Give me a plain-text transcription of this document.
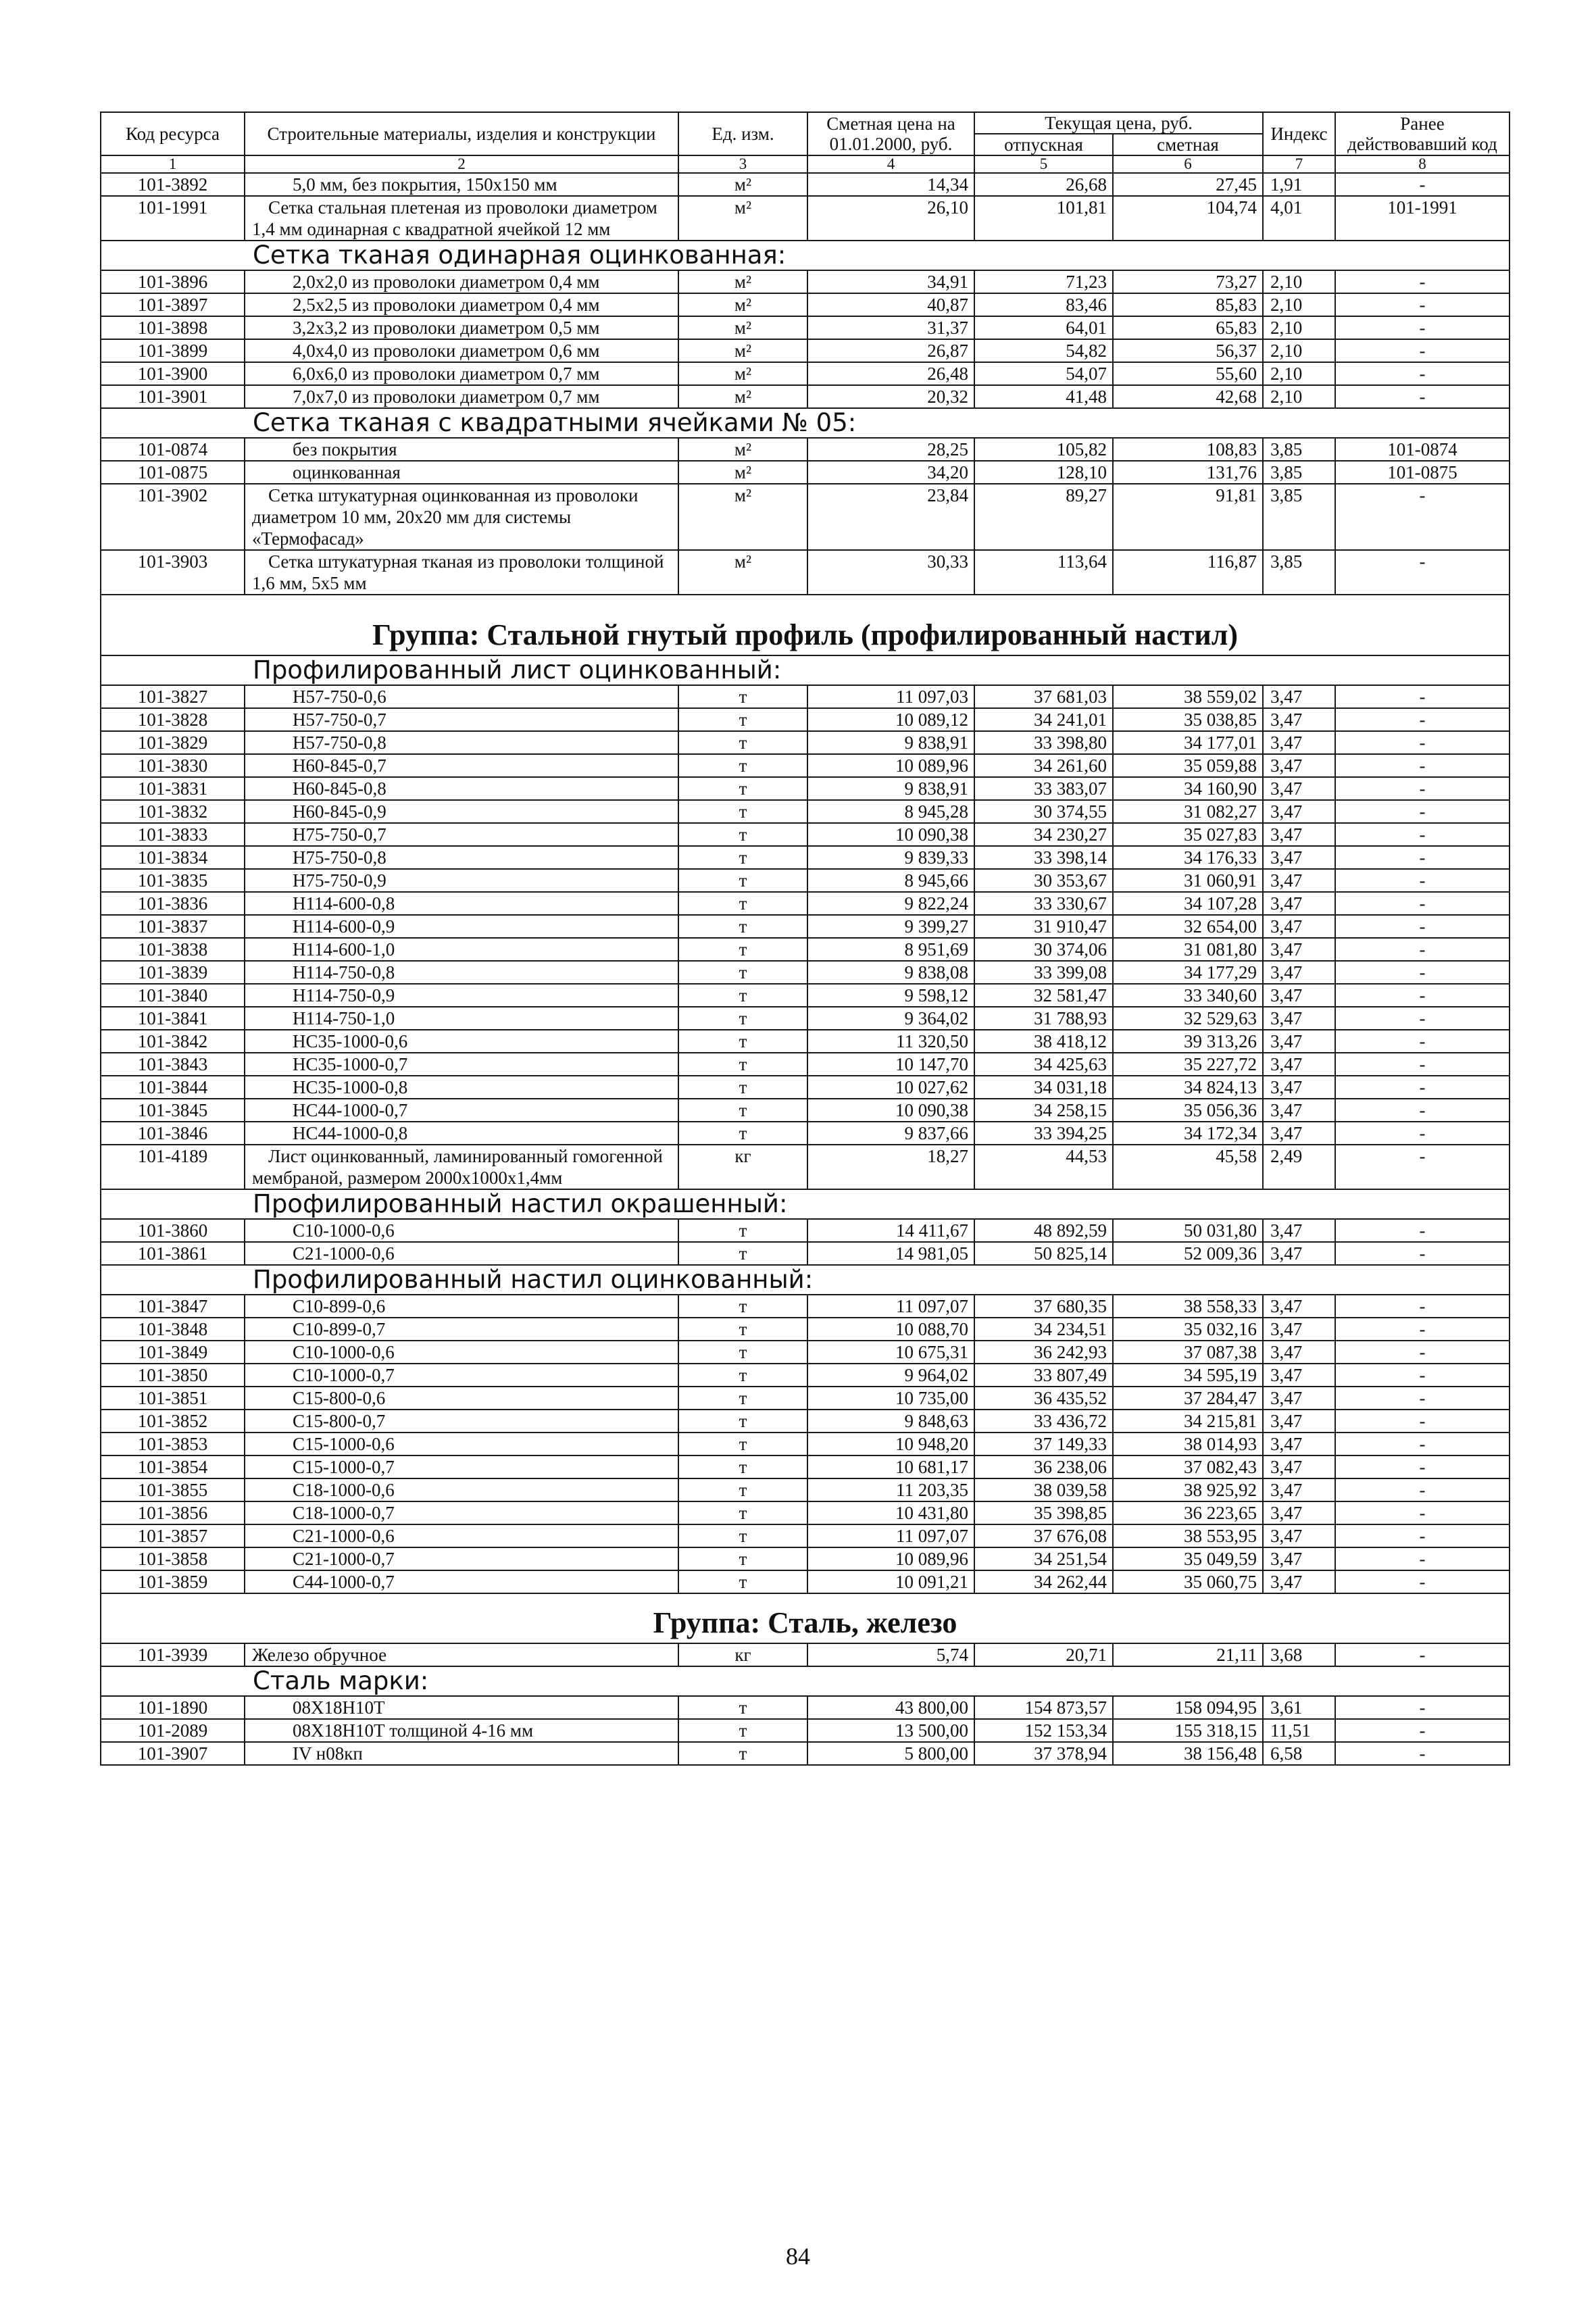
Код ресурса	Строительные материалы, изделия и конструкции	Ед. изм.	Сметная цена на 01.01.2000, руб.	Текущая цена, руб.		Индекс	Ранее действовавший код
				отпускная	сметная		
1	2	3	4	5	6	7	8
101-3892	5,0 мм, без покрытия, 150х150 мм	м²	14,34	26,68	27,45	1,91	-
101-1991	Сетка стальная плетеная из проволоки диаметром 1,4 мм одинарная с квадратной ячейкой 12 мм	м²	26,10	101,81	104,74	4,01	101-1991
Сетка тканая одинарная оцинкованная:							
101-3896	2,0х2,0 из проволоки диаметром 0,4 мм	м²	34,91	71,23	73,27	2,10	-
101-3897	2,5х2,5 из проволоки диаметром 0,4 мм	м²	40,87	83,46	85,83	2,10	-
101-3898	3,2х3,2 из проволоки диаметром 0,5 мм	м²	31,37	64,01	65,83	2,10	-
101-3899	4,0х4,0 из проволоки диаметром 0,6 мм	м²	26,87	54,82	56,37	2,10	-
101-3900	6,0х6,0 из проволоки диаметром 0,7 мм	м²	26,48	54,07	55,60	2,10	-
101-3901	7,0х7,0 из проволоки диаметром 0,7 мм	м²	20,32	41,48	42,68	2,10	-
Сетка тканая с квадратными ячейками № 05:							
101-0874	без покрытия	м²	28,25	105,82	108,83	3,85	101-0874
101-0875	оцинкованная	м²	34,20	128,10	131,76	3,85	101-0875
101-3902	Сетка штукатурная оцинкованная из проволоки диаметром 10 мм, 20х20 мм для системы «Термофасад»	м²	23,84	89,27	91,81	3,85	-
101-3903	Сетка штукатурная тканая из проволоки толщиной 1,6 мм, 5х5 мм	м²	30,33	113,64	116,87	3,85	-
Группа: Стальной гнутый профиль (профилированный настил)							
Профилированный лист оцинкованный:							
101-3827	Н57-750-0,6	т	11 097,03	37 681,03	38 559,02	3,47	-
101-3828	Н57-750-0,7	т	10 089,12	34 241,01	35 038,85	3,47	-
101-3829	Н57-750-0,8	т	9 838,91	33 398,80	34 177,01	3,47	-
101-3830	Н60-845-0,7	т	10 089,96	34 261,60	35 059,88	3,47	-
101-3831	Н60-845-0,8	т	9 838,91	33 383,07	34 160,90	3,47	-
101-3832	Н60-845-0,9	т	8 945,28	30 374,55	31 082,27	3,47	-
101-3833	Н75-750-0,7	т	10 090,38	34 230,27	35 027,83	3,47	-
101-3834	Н75-750-0,8	т	9 839,33	33 398,14	34 176,33	3,47	-
101-3835	Н75-750-0,9	т	8 945,66	30 353,67	31 060,91	3,47	-
101-3836	Н114-600-0,8	т	9 822,24	33 330,67	34 107,28	3,47	-
101-3837	Н114-600-0,9	т	9 399,27	31 910,47	32 654,00	3,47	-
101-3838	Н114-600-1,0	т	8 951,69	30 374,06	31 081,80	3,47	-
101-3839	Н114-750-0,8	т	9 838,08	33 399,08	34 177,29	3,47	-
101-3840	Н114-750-0,9	т	9 598,12	32 581,47	33 340,60	3,47	-
101-3841	Н114-750-1,0	т	9 364,02	31 788,93	32 529,63	3,47	-
101-3842	НС35-1000-0,6	т	11 320,50	38 418,12	39 313,26	3,47	-
101-3843	НС35-1000-0,7	т	10 147,70	34 425,63	35 227,72	3,47	-
101-3844	НС35-1000-0,8	т	10 027,62	34 031,18	34 824,13	3,47	-
101-3845	НС44-1000-0,7	т	10 090,38	34 258,15	35 056,36	3,47	-
101-3846	НС44-1000-0,8	т	9 837,66	33 394,25	34 172,34	3,47	-
101-4189	Лист оцинкованный, ламинированный гомогенной мембраной, размером 2000х1000х1,4мм	кг	18,27	44,53	45,58	2,49	-
Профилированный настил окрашенный:							
101-3860	С10-1000-0,6	т	14 411,67	48 892,59	50 031,80	3,47	-
101-3861	С21-1000-0,6	т	14 981,05	50 825,14	52 009,36	3,47	-
Профилированный настил оцинкованный:							
101-3847	С10-899-0,6	т	11 097,07	37 680,35	38 558,33	3,47	-
101-3848	С10-899-0,7	т	10 088,70	34 234,51	35 032,16	3,47	-
101-3849	С10-1000-0,6	т	10 675,31	36 242,93	37 087,38	3,47	-
101-3850	С10-1000-0,7	т	9 964,02	33 807,49	34 595,19	3,47	-
101-3851	С15-800-0,6	т	10 735,00	36 435,52	37 284,47	3,47	-
101-3852	С15-800-0,7	т	9 848,63	33 436,72	34 215,81	3,47	-
101-3853	С15-1000-0,6	т	10 948,20	37 149,33	38 014,93	3,47	-
101-3854	С15-1000-0,7	т	10 681,17	36 238,06	37 082,43	3,47	-
101-3855	С18-1000-0,6	т	11 203,35	38 039,58	38 925,92	3,47	-
101-3856	С18-1000-0,7	т	10 431,80	35 398,85	36 223,65	3,47	-
101-3857	С21-1000-0,6	т	11 097,07	37 676,08	38 553,95	3,47	-
101-3858	С21-1000-0,7	т	10 089,96	34 251,54	35 049,59	3,47	-
101-3859	С44-1000-0,7	т	10 091,21	34 262,44	35 060,75	3,47	-
Группа: Сталь, железо							
101-3939	Железо обручное	кг	5,74	20,71	21,11	3,68	-
Сталь марки:							
101-1890	08Х18Н10Т	т	43 800,00	154 873,57	158 094,95	3,61	-
101-2089	08Х18Н10Т толщиной 4-16 мм	т	13 500,00	152 153,34	155 318,15	11,51	-
101-3907	IV н08кп	т	5 800,00	37 378,94	38 156,48	6,58	-
84
